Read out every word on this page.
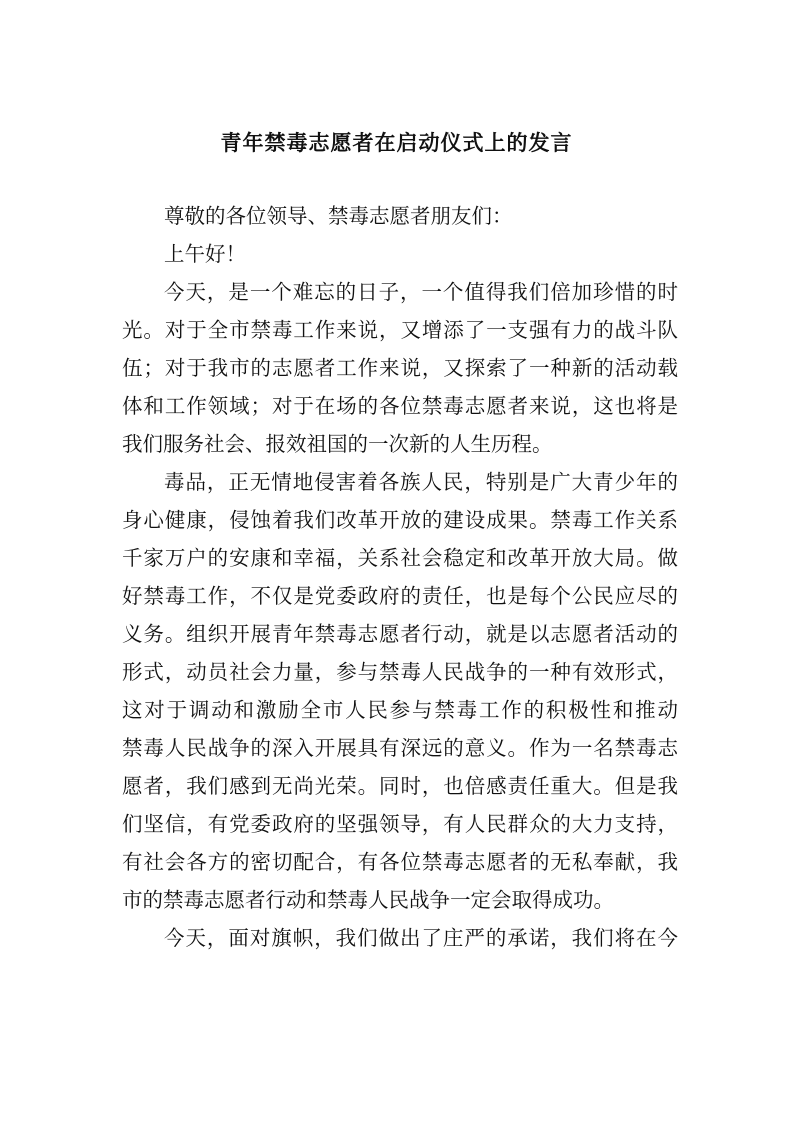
青年禁毒志愿者在启动仪式上的发言
尊敬的各位领导、禁毒志愿者朋友们：
上午好！
今天，是一个难忘的日子，一个值得我们倍加珍惜的时
光。对于全市禁毒工作来说，又增添了一支强有力的战斗队
伍；对于我市的志愿者工作来说，又探索了一种新的活动载
体和工作领域；对于在场的各位禁毒志愿者来说，这也将是
我们服务社会、报效祖国的一次新的人生历程。
毒品，正无情地侵害着各族人民，特别是广大青少年的
身心健康，侵蚀着我们改革开放的建设成果。禁毒工作关系
千家万户的安康和幸福，关系社会稳定和改革开放大局。做
好禁毒工作，不仅是党委政府的责任，也是每个公民应尽的
义务。组织开展青年禁毒志愿者行动，就是以志愿者活动的
形式，动员社会力量，参与禁毒人民战争的一种有效形式，
这对于调动和激励全市人民参与禁毒工作的积极性和推动
禁毒人民战争的深入开展具有深远的意义。作为一名禁毒志
愿者，我们感到无尚光荣。同时，也倍感责任重大。但是我
们坚信，有党委政府的坚强领导，有人民群众的大力支持，
有社会各方的密切配合，有各位禁毒志愿者的无私奉献，我
市的禁毒志愿者行动和禁毒人民战争一定会取得成功。
今天，面对旗帜，我们做出了庄严的承诺，我们将在今
